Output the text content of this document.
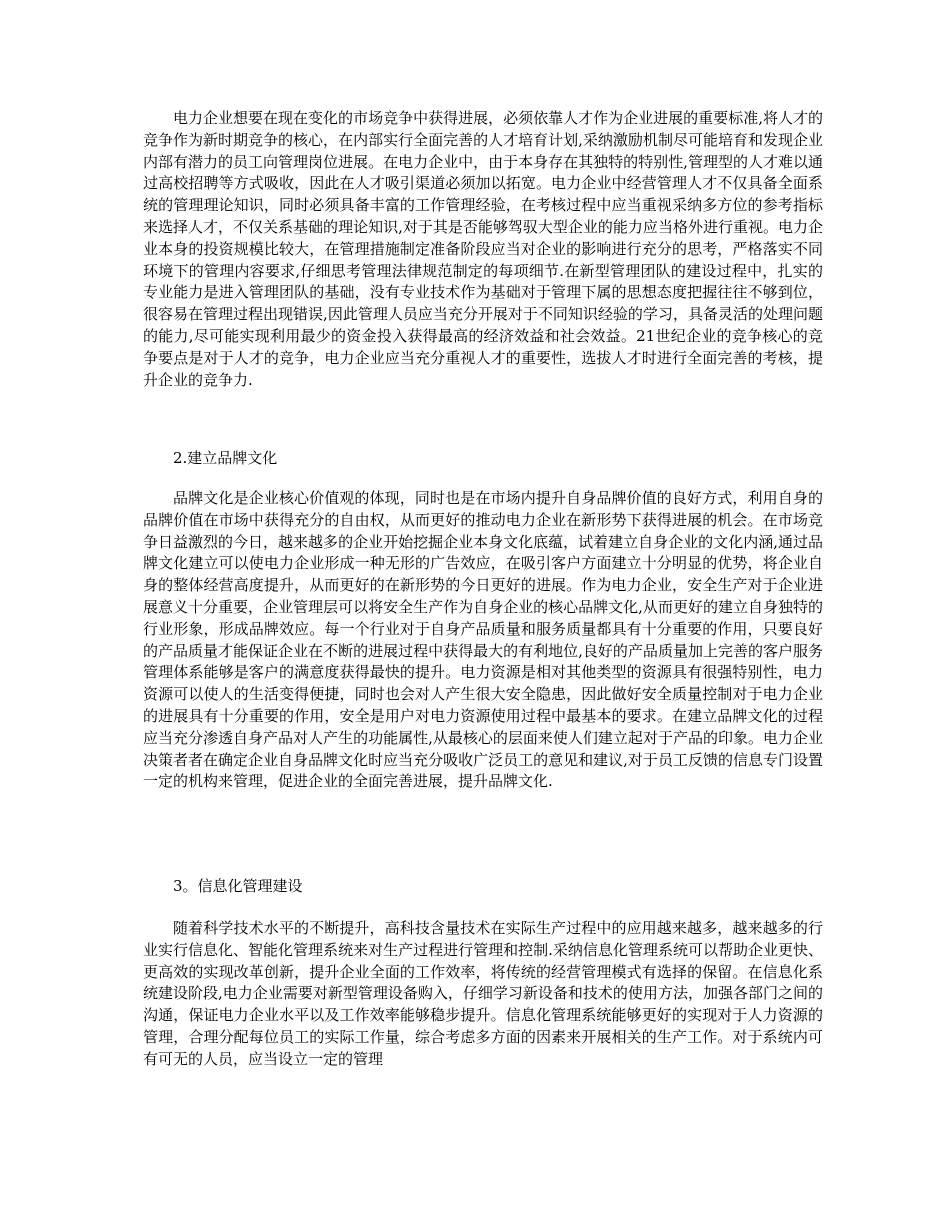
电力企业想要在现在变化的市场竞争中获得进展，必须依靠人才作为企业进展的重要标准,将人才的竞争作为新时期竞争的核心，在内部实行全面完善的人才培育计划,采纳激励机制尽可能培育和发现企业内部有潜力的员工向管理岗位进展。在电力企业中，由于本身存在其独特的特别性,管理型的人才难以通过高校招聘等方式吸收，因此在人才吸引渠道必须加以拓宽。电力企业中经营管理人才不仅具备全面系统的管理理论知识，同时必须具备丰富的工作管理经验，在考核过程中应当重视采纳多方位的参考指标来选择人才，不仅关系基础的理论知识,对于其是否能够驾驭大型企业的能力应当格外进行重视。电力企业本身的投资规模比较大，在管理措施制定准备阶段应当对企业的影响进行充分的思考，严格落实不同环境下的管理内容要求,仔细思考管理法律规范制定的每项细节.在新型管理团队的建设过程中，扎实的专业能力是进入管理团队的基础，没有专业技术作为基础对于管理下属的思想态度把握往往不够到位，很容易在管理过程出现错误,因此管理人员应当充分开展对于不同知识经验的学习，具备灵活的处理问题的能力,尽可能实现利用最少的资金投入获得最高的经济效益和社会效益。21世纪企业的竞争核心的竞争要点是对于人才的竞争，电力企业应当充分重视人才的重要性，选拔人才时进行全面完善的考核，提升企业的竞争力.

2.建立品牌文化

品牌文化是企业核心价值观的体现，同时也是在市场内提升自身品牌价值的良好方式，利用自身的品牌价值在市场中获得充分的自由权，从而更好的推动电力企业在新形势下获得进展的机会。在市场竞争日益激烈的今日，越来越多的企业开始挖掘企业本身文化底蕴，试着建立自身企业的文化内涵,通过品牌文化建立可以使电力企业形成一种无形的广告效应，在吸引客户方面建立十分明显的优势，将企业自身的整体经营高度提升，从而更好的在新形势的今日更好的进展。作为电力企业，安全生产对于企业进展意义十分重要，企业管理层可以将安全生产作为自身企业的核心品牌文化,从而更好的建立自身独特的行业形象，形成品牌效应。每一个行业对于自身产品质量和服务质量都具有十分重要的作用，只要良好的产品质量才能保证企业在不断的进展过程中获得最大的有利地位,良好的产品质量加上完善的客户服务管理体系能够是客户的满意度获得最快的提升。电力资源是相对其他类型的资源具有很强特别性，电力资源可以使人的生活变得便捷，同时也会对人产生很大安全隐患，因此做好安全质量控制对于电力企业的进展具有十分重要的作用，安全是用户对电力资源使用过程中最基本的要求。在建立品牌文化的过程应当充分渗透自身产品对人产生的功能属性,从最核心的层面来使人们建立起对于产品的印象。电力企业决策者者在确定企业自身品牌文化时应当充分吸收广泛员工的意见和建议,对于员工反馈的信息专门设置一定的机构来管理，促进企业的全面完善进展，提升品牌文化.

3。信息化管理建设

随着科学技术水平的不断提升，高科技含量技术在实际生产过程中的应用越来越多，越来越多的行业实行信息化、智能化管理系统来对生产过程进行管理和控制.采纳信息化管理系统可以帮助企业更快、更高效的实现改革创新，提升企业全面的工作效率，将传统的经营管理模式有选择的保留。在信息化系统建设阶段,电力企业需要对新型管理设备购入，仔细学习新设备和技术的使用方法，加强各部门之间的沟通，保证电力企业水平以及工作效率能够稳步提升。信息化管理系统能够更好的实现对于人力资源的管理，合理分配每位员工的实际工作量，综合考虑多方面的因素来开展相关的生产工作。对于系统内可有可无的人员，应当设立一定的管理
